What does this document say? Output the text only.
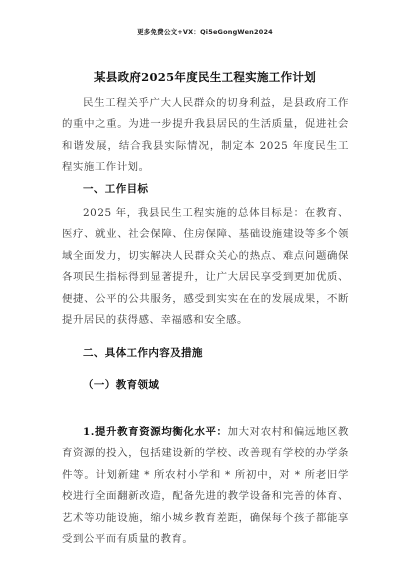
更多免费公文+VX：Qi5eGongWen2024
某县政府2025年度民生工程实施工作计划

民生工程关乎广大人民群众的切身利益，是县政府工作的重中之重。为进一步提升我县居民的生活质量，促进社会和谐发展，结合我县实际情况，制定本 2025 年度民生工程实施工作计划。

一、工作目标

2025 年，我县民生工程实施的总体目标是：在教育、医疗、就业、社会保障、住房保障、基础设施建设等多个领域全面发力，切实解决人民群众关心的热点、难点问题确保各项民生指标得到显著提升，让广大居民享受到更加优质、便捷、公平的公共服务，感受到实实在在的发展成果，不断提升居民的获得感、幸福感和安全感。

二、具体工作内容及措施

（一）教育领域

1.提升教育资源均衡化水平：加大对农村和偏远地区教育资源的投入，包括建设新的学校、改善现有学校的办学条件等。计划新建 * 所农村小学和 * 所初中，对 * 所老旧学校进行全面翻新改造，配备先进的教学设备和完善的体育、艺术等功能设施，缩小城乡教育差距，确保每个孩子都能享受到公平而有质量的教育。
